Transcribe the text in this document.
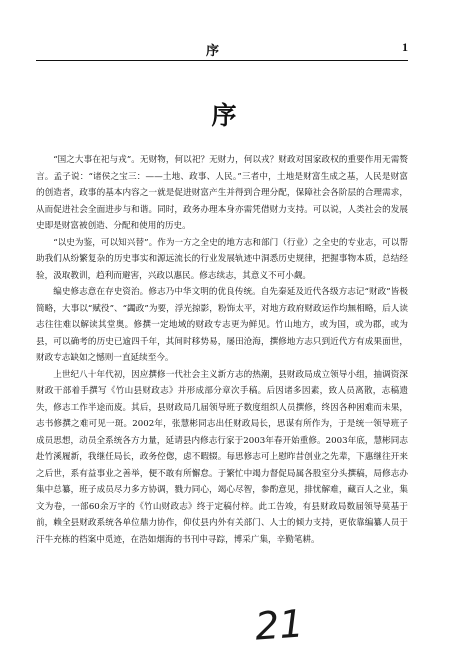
序	1
序

“国之大事在祀与戎”。无财物，何以祀？无财力，何以戎？财政对国家政权的重要作用无需赘言。孟子说：“诸侯之宝三：——土地、政事、人民。”三者中，土地是财富生成之基，人民是财富的创造者，政事的基本内容之一就是促进财富产生并得到合理分配，保障社会各阶层的合理需求，从而促进社会全面进步与和谐。同时，政务办理本身亦需凭借财力支持。可以说，人类社会的发展史即是财富被创造、分配和使用的历史。

“以史为鉴，可以知兴替”。作为一方之全史的地方志和部门（行业）之全史的专业志，可以帮助我们从纷繁复杂的历史事实和源远流长的行业发展轨迹中洞悉历史规律，把握事物本质，总结经验，汲取教训，趋利而避害，兴政以惠民。修志续志，其意义不可小觑。

编史修志意在存史资治。修志乃中华文明的优良传统。自先秦延及近代各级方志记“财政”皆极简略，大事以“赋役”、“蠲政”为要，浮光掠影，粉饰太平，对地方政府财政运作均無相略，后人读志往往难以解读其堂奥。修撰一定地域的财政专志更为鲜见。竹山地方，或为国，或为郡，或为县，可以确考的历史已逾四千年，其间时移势易，屡田沧海，撰修地方志只到近代方有成果面世，财政专志缺如之憾则一直延续至今。

上世纪八十年代初，因应撰修一代社会主义新方志的热潮，县财政局成立领导小组，抽调资深财政干部着手撰写《竹山县财政志》并形成部分章次手稿。后因诸多因素，致人员离散，志稿遗失，修志工作半途而废。其后，县财政局几届领导班子数度组织人员撰修，终因各种困难而未果，志书修撰之难可见一斑。2002年，张慧彬同志出任财政局长，思谋有所作为，于是统一领导班子成员思想，动员全系统各方力量，延请县内修志行家于2003年春开始重修。2003年底，慧彬同志赴竹溪履新，我继任局长，政务倥偬，虑不暇辍。每思修志可上慰昨昔创业之先辈，下惠继往开来之后世，系有益事业之善举，便不敢有所懈怠。于繁忙中竭力督促局属各股室分头撰稿，局修志办集中总纂，班子成员尽力多方协调，戮力同心，竭心尽智，参酌意见，排忧解难，藏百人之业，集文为卷，一部60余万字的《竹山财政志》终于定稿付梓。此工告竣，有县财政局数届领导莫基于前，赖全县财政系统各单位鼎力协作，仰仗县内外有关部门、人士的倾力支持，更依靠编纂人员于汗牛充栋的档案中觅迹，在浩如烟海的书刊中寻踪，博采广集，辛勤笔耕。

21
